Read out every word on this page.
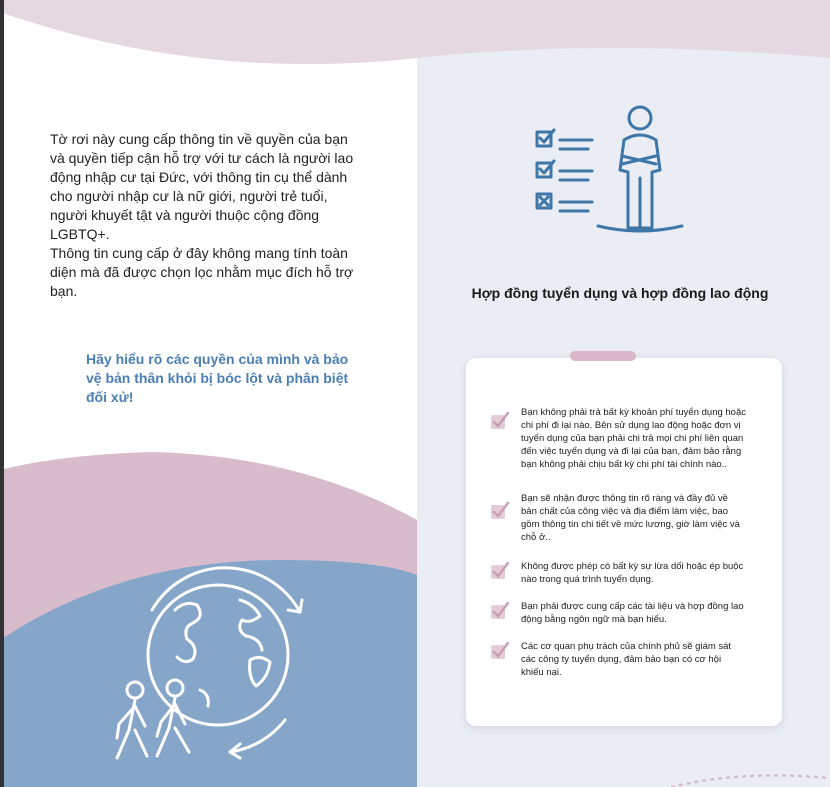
Tờ rơi này cung cấp thông tin về quyền của bạn và quyền tiếp cận hỗ trợ với tư cách là người lao động nhập cư tại Đức, với thông tin cụ thể dành cho người nhập cư là nữ giới, người trẻ tuổi, người khuyết tật và người thuộc cộng đồng LGBTQ+.

Thông tin cung cấp ở đây không mang tính toàn diện mà đã được chọn lọc nhằm mục đích hỗ trợ bạn.

Hãy hiểu rõ các quyền của mình và bảo vệ bản thân khỏi bị bóc lột và phân biệt đối xử!
Hợp đồng tuyển dụng và hợp đồng lao động
Bạn không phải trả bất kỳ khoản phí tuyển dụng hoặc chi phí đi lại nào. Bên sử dụng lao động hoặc đơn vị tuyển dụng của bạn phải chi trả mọi chi phí liên quan đến việc tuyển dụng và đi lại của bạn, đảm bảo rằng bạn không phải chịu bất kỳ chi phí tài chính nào..
Bạn sẽ nhận được thông tin rõ ràng và đầy đủ về bản chất của công việc và địa điểm làm việc, bao gồm thông tin chi tiết về mức lương, giờ làm việc và chỗ ở..
Không được phép có bất kỳ sự lừa dối hoặc ép buộc nào trong quá trình tuyển dụng.
Bạn phải được cung cấp các tài liệu và hợp đồng lao động bằng ngôn ngữ mà bạn hiểu.
Các cơ quan phụ trách của chính phủ sẽ giám sát các công ty tuyển dụng, đảm bảo bạn có cơ hội khiếu nại.
